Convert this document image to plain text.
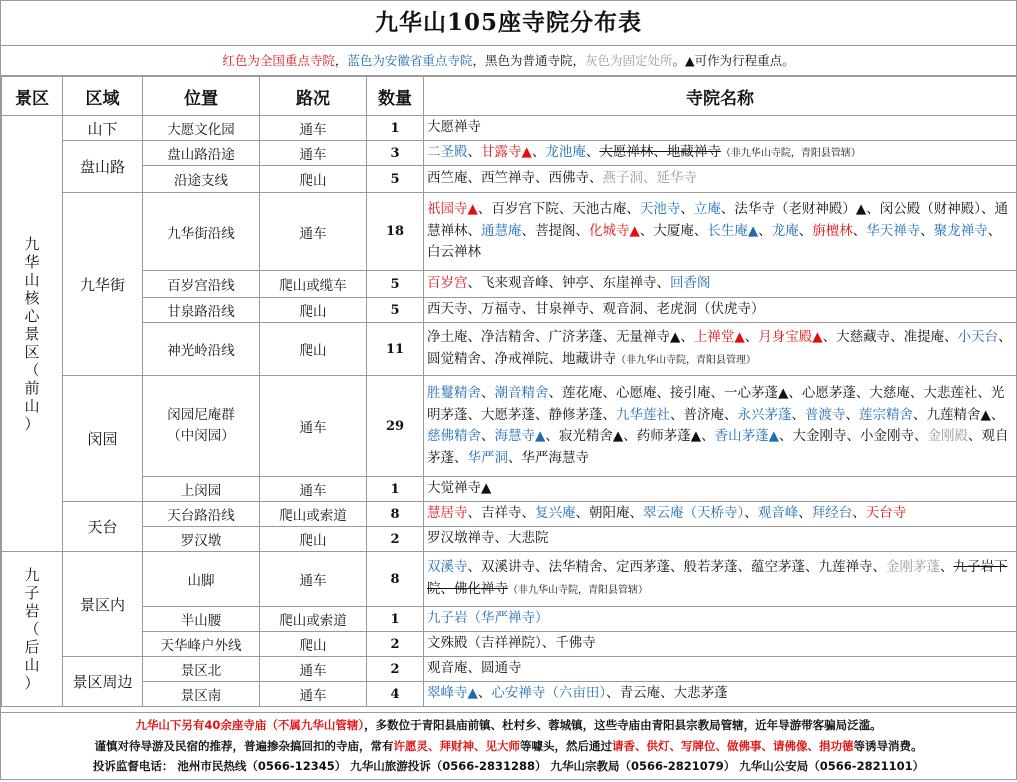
九华山105座寺院分布表
红色为全国重点寺院，蓝色为安徽省重点寺院，黑色为普通寺院，灰色为固定处所。▲可作为行程重点。
景区	区域	位置	路况	数量	寺院名称
九华山核心景区（前山）	山下	大愿文化园	通车	1	大愿禅寺
	盘山路	盘山路沿途	通车	3	二圣殿、甘露寺▲、龙池庵、大愿禅林、地藏禅寺（非九华山寺院，青阳县管辖）
		沿途支线	爬山	5	西竺庵、西竺禅寺、西佛寺、燕子洞、延华寺
	九华街	九华街沿线	通车	18	祇园寺▲、百岁宫下院、天池古庵、天池寺、立庵、法华寺（老财神殿）▲、闵公殿（财神殿）、通慧禅林、通慧庵、菩提阁、化城寺▲、大厦庵、长生庵▲、龙庵、旃檀林、华天禅寺、聚龙禅寺、白云禅林
		百岁宫沿线	爬山或缆车	5	百岁宫、飞来观音峰、钟亭、东崖禅寺、回香阁
		甘泉路沿线	爬山	5	西天寺、万福寺、甘泉禅寺、观音洞、老虎洞（伏虎寺）
		神光岭沿线	爬山	11	净土庵、净洁精舍、广济茅蓬、无量禅寺▲、上禅堂▲、月身宝殿▲、大慈藏寺、准提庵、小天台、圆觉精舍、净戒禅院、地藏讲寺（非九华山寺院，青阳县管理）
	闵园	闵园尼庵群（中闵园）	通车	29	胜鬘精舍、潮音精舍、莲花庵、心愿庵、接引庵、一心茅蓬▲、心愿茅蓬、大慈庵、大悲莲社、光明茅蓬、大愿茅蓬、静修茅蓬、九华莲社、普济庵、永兴茅蓬、普渡寺、莲宗精舍、九莲精舍▲、慈佛精舍、海慧寺▲、寂光精舍▲、药师茅蓬▲、香山茅蓬▲、大金刚寺、小金刚寺、金刚殿、观自茅蓬、华严洞、华严海慧寺
		上闵园	通车	1	大觉禅寺▲
	天台	天台路沿线	爬山或索道	8	慧居寺、吉祥寺、复兴庵、朝阳庵、翠云庵（天桥寺）、观音峰、拜经台、天台寺
		罗汉墩	爬山	2	罗汉墩禅寺、大悲院
九子岩（后山）	景区内	山脚	通车	8	双溪寺、双溪讲寺、法华精舍、定西茅蓬、般若茅蓬、蕴空茅蓬、九莲禅寺、金刚茅蓬、九子岩下院、佛化禅寺（非九华山寺院，青阳县管辖）
		半山腰	爬山或索道	1	九子岩（华严禅寺）
		天华峰户外线	爬山	2	文殊殿（吉祥禅院）、千佛寺
	景区周边	景区北	通车	2	观音庵、圆通寺
		景区南	通车	4	翠峰寺▲、心安禅寺（六亩田）、青云庵、大悲茅蓬
九华山下另有40余座寺庙（不属九华山管辖），多数位于青阳县庙前镇、杜村乡、蓉城镇，这些寺庙由青阳县宗教局管辖，近年导游带客骗局泛滥。
谨慎对待导游及民宿的推荐，普遍掺杂搞回扣的寺庙，常有许愿灵、拜财神、见大师等噱头，然后通过请香、供灯、写牌位、做佛事、请佛像、捐功德等诱导消费。
投诉监督电话： 池州市民热线（0566-12345） 九华山旅游投诉（0566-2831288） 九华山宗教局（0566-2821079） 九华山公安局（0566-2821101）
